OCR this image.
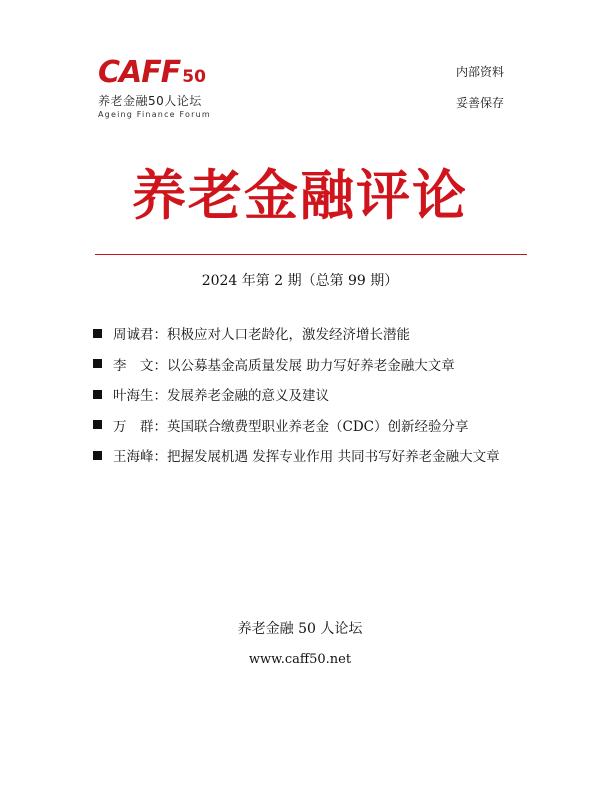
CAFF 50
养老金融50人论坛
Ageing Finance Forum
内部资料
妥善保存
养老金融评论
2024 年第 2 期（总第 99 期）
周诚君： 积极应对人口老龄化，激发经济增长潜能
李　文： 以公募基金高质量发展 助力写好养老金融大文章
叶海生： 发展养老金融的意义及建议
万　群： 英国联合缴费型职业养老金（CDC）创新经验分享
王海峰： 把握发展机遇 发挥专业作用 共同书写好养老金融大文章
养老金融 50 人论坛
www.caff50.net
